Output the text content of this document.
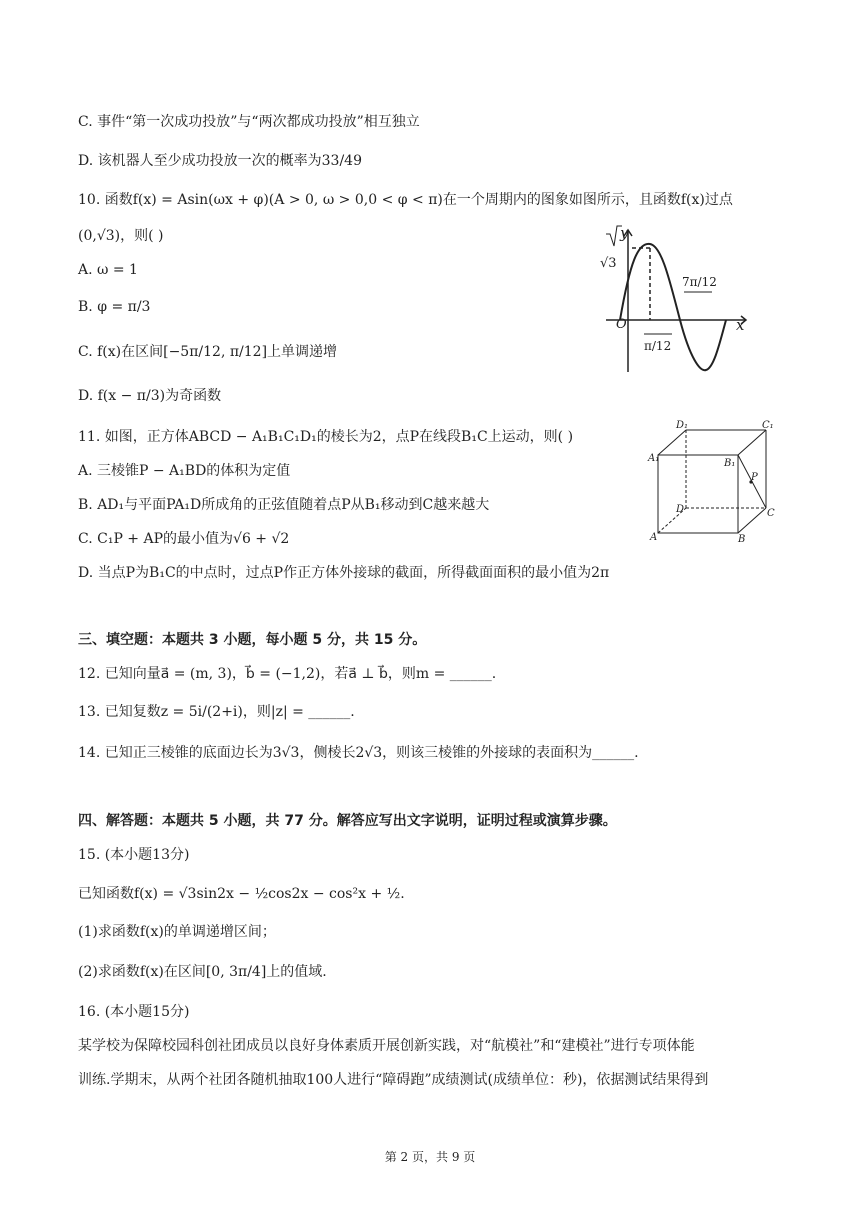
C. 事件“第一次成功投放”与“两次都成功投放”相互独立
D. 该机器人至少成功投放一次的概率为33/49
10. 函数f(x) = Asin(ωx + φ)(A > 0, ω > 0,0 < φ < π)在一个周期内的图象如图所示，且函数f(x)过点
(0,√3)，则( )
A. ω = 1
B. φ = π/3
C. f(x)在区间[−5π/12, π/12]上单调递增
D. f(x − π/3)为奇函数
11. 如图，正方体ABCD − A₁B₁C₁D₁的棱长为2，点P在线段B₁C上运动，则( )
A. 三棱锥P − A₁BD的体积为定值
B. AD₁与平面PA₁D所成角的正弦值随着点P从B₁移动到C越来越大
C. C₁P + AP的最小值为√6 + √2
D. 当点P为B₁C的中点时，过点P作正方体外接球的截面，所得截面面积的最小值为2π
三、填空题：本题共 3 小题，每小题 5 分，共 15 分。
12. 已知向量a⃗ = (m, 3)，b⃗ = (−1,2)，若a⃗ ⊥ b⃗，则m = ______.
13. 已知复数z = 5i/(2+i)，则|z| = ______.
14. 已知正三棱锥的底面边长为3√3，侧棱长2√3，则该三棱锥的外接球的表面积为______.
四、解答题：本题共 5 小题，共 77 分。解答应写出文字说明，证明过程或演算步骤。
15. (本小题13分)
已知函数f(x) = √3sin2x − ½cos2x − cos²x + ½.
(1)求函数f(x)的单调递增区间；
(2)求函数f(x)在区间[0, 3π/4]上的值域.
16. (本小题15分)
某学校为保障校园科创社团成员以良好身体素质开展创新实践，对“航模社”和“建模社”进行专项体能
训练.学期末，从两个社团各随机抽取100人进行“障碍跑”成绩测试(成绩单位：秒)，依据测试结果得到
y
x
O
√3
π/12
7π/12
D₁	C₁
A₁	B₁
P
D	C
A	B
第 2 页，共 9 页
